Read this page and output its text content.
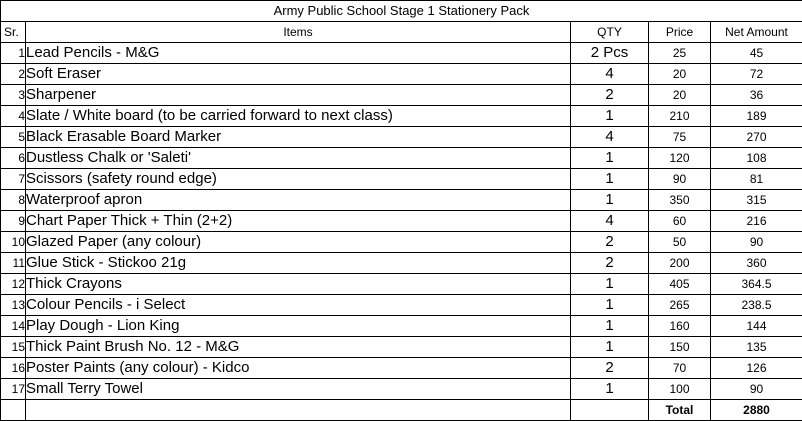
Army Public School Stage 1 Stationery Pack				
Sr.	Items	QTY	Price	Net Amount
1	Lead Pencils - M&G	2 Pcs	25	45
2	Soft Eraser	4	20	72
3	Sharpener	2	20	36
4	Slate / White board (to be carried forward to next class)	1	210	189
5	Black Erasable Board Marker	4	75	270
6	Dustless Chalk or 'Saleti'	1	120	108
7	Scissors (safety round edge)	1	90	81
8	Waterproof apron	1	350	315
9	Chart Paper Thick + Thin (2+2)	4	60	216
10	Glazed Paper (any colour)	2	50	90
11	Glue Stick - Stickoo 21g	2	200	360
12	Thick Crayons	1	405	364.5
13	Colour Pencils - i Select	1	265	238.5
14	Play Dough - Lion King	1	160	144
15	Thick Paint Brush No. 12 - M&G	1	150	135
16	Poster Paints (any colour) - Kidco	2	70	126
17	Small Terry Towel	1	100	90
			Total	2880
